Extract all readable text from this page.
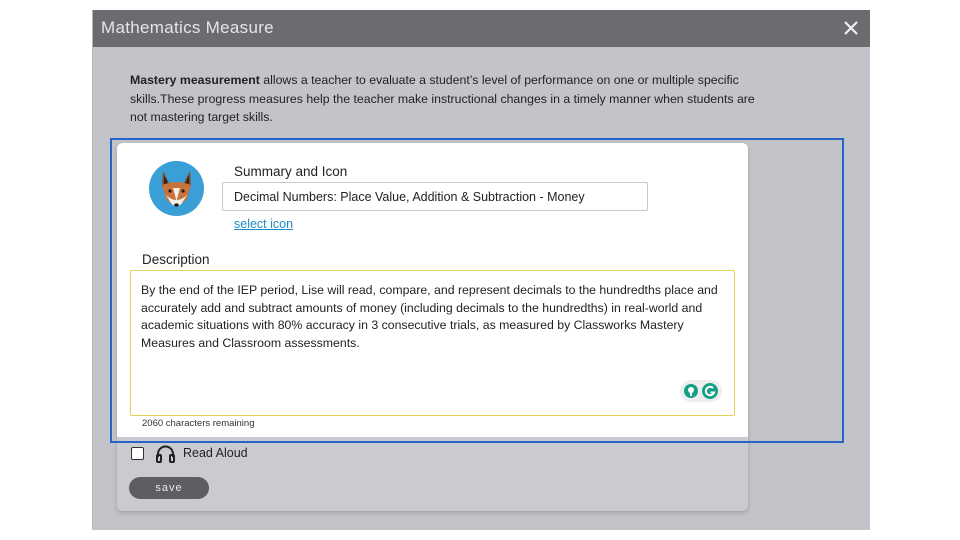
Mathematics Measure
Mastery measurement allows a teacher to evaluate a student’s level of performance on one or multiple specific skills.These progress measures help the teacher make instructional changes in a timely manner when students are not mastering target skills.
Summary and Icon
Decimal Numbers: Place Value, Addition & Subtraction - Money
select icon
Description
By the end of the IEP period, Lise will read, compare, and represent decimals to the hundredths place and accurately add and subtract amounts of money (including decimals to the hundredths) in real-world and academic situations with 80% accuracy in 3 consecutive trials, as measured by Classworks Mastery Measures and Classroom assessments.
2060 characters remaining
Read Aloud
save
